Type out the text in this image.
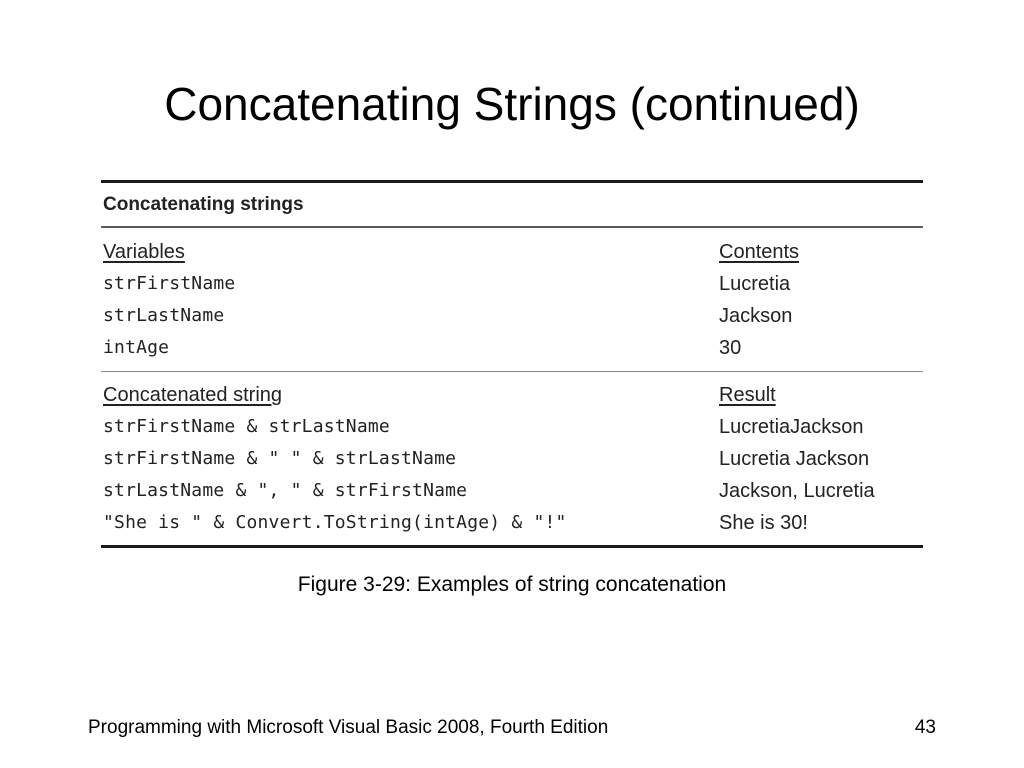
Concatenating Strings (continued)
Concatenating strings
Variables	Contents
strFirstName	Lucretia
strLastName	Jackson
intAge	30
Concatenated string	Result
strFirstName & strLastName	LucretiaJackson
strFirstName & " " & strLastName	Lucretia Jackson
strLastName & ", " & strFirstName	Jackson, Lucretia
"She is " & Convert.ToString(intAge) & "!"	She is 30!
Figure 3-29: Examples of string concatenation
Programming with Microsoft Visual Basic 2008, Fourth Edition	43
